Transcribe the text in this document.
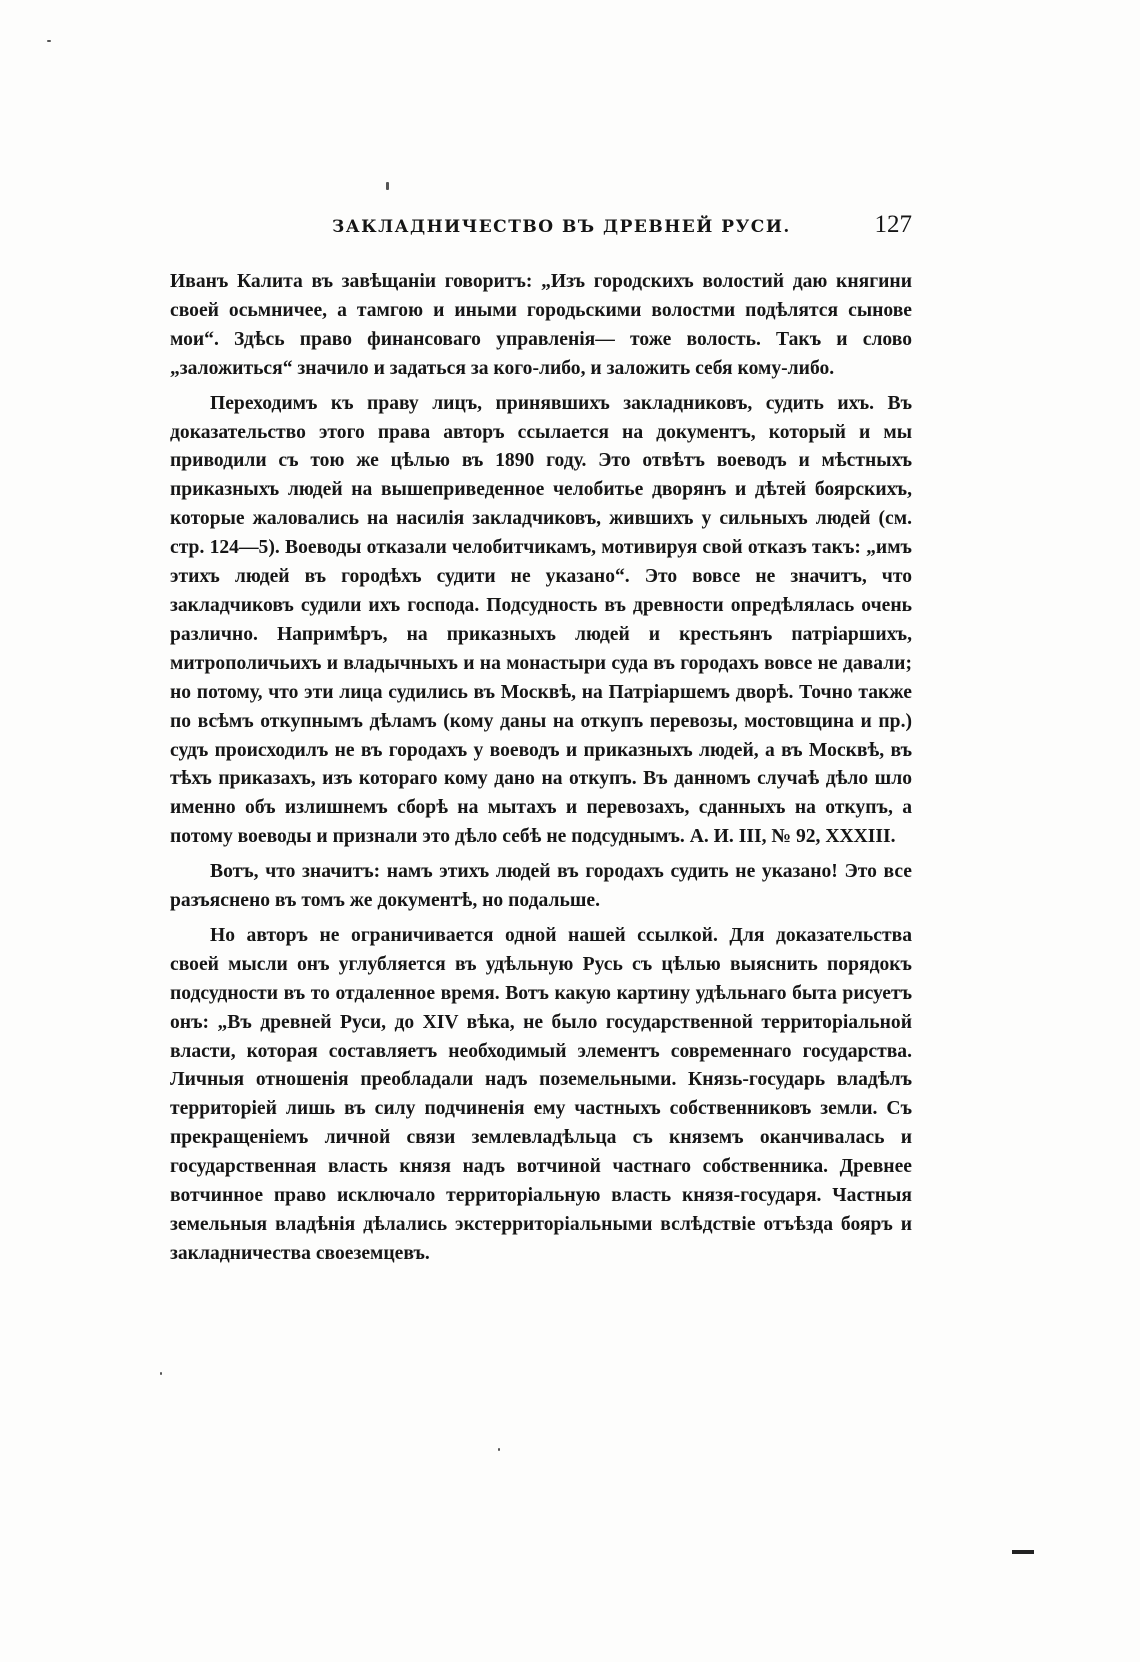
ЗАКЛАДНИЧЕСТВО ВЪ ДРЕВНЕЙ РУСИ.	127

Иванъ Калита въ завѣщаніи говоритъ: „Изъ городскихъ волостий даю княгини своей осьмничее, а тамгою и иными городьскими волостми подѣлятся сынове мои“. Здѣсь право финансоваго управленія— тоже волость. Такъ и слово „заложиться“ значило и задаться за кого-либо, и заложить себя кому-либо.

Переходимъ къ праву лицъ, принявшихъ закладниковъ, судить ихъ. Въ доказательство этого права авторъ ссылается на документъ, который и мы приводили съ тою же цѣлью въ 1890 году. Это отвѣтъ воеводъ и мѣстныхъ приказныхъ людей на вышеприведенное челобитье дворянъ и дѣтей боярскихъ, которые жаловались на насилія закладчиковъ, жившихъ у сильныхъ людей (см. стр. 124—5). Воеводы отказали челобитчикамъ, мотивируя свой отказъ такъ: „имъ этихъ людей въ городѣхъ судити не указано“. Это вовсе не значитъ, что закладчиковъ судили ихъ господа. Подсудность въ древности опредѣлялась очень различно. Напримѣръ, на приказныхъ людей и крестьянъ патріаршихъ, митрополичьихъ и владычныхъ и на монастыри суда въ городахъ вовсе не давали; но потому, что эти лица судились въ Москвѣ, на Патріаршемъ дворѣ. Точно также по всѣмъ откупнымъ дѣламъ (кому даны на откупъ перевозы, мостовщина и пр.) судъ происходилъ не въ городахъ у воеводъ и приказныхъ людей, а въ Москвѣ, въ тѣхъ приказахъ, изъ котораго кому дано на откупъ. Въ данномъ случаѣ дѣло шло именно объ излишнемъ сборѣ на мытахъ и перевозахъ, сданныхъ на откупъ, а потому воеводы и признали это дѣло себѣ не подсуднымъ. А. И. III, № 92, XXXIII.

Вотъ, что значитъ: намъ этихъ людей въ городахъ судить не указано! Это все разъяснено въ томъ же документѣ, но подальше.

Но авторъ не ограничивается одной нашей ссылкой. Для доказательства своей мысли онъ углубляется въ удѣльную Русь съ цѣлью выяснить порядокъ подсудности въ то отдаленное время. Вотъ какую картину удѣльнаго быта рисуетъ онъ: „Въ древней Руси, до XIV вѣка, не было государственной территоріальной власти, которая составляетъ необходимый элементъ современнаго государства. Личныя отношенія преобладали надъ поземельными. Князь-государь владѣлъ территоріей лишь въ силу подчиненія ему частныхъ собственниковъ земли. Съ прекращеніемъ личной связи землевладѣльца съ княземъ оканчивалась и государственная власть князя надъ вотчиной частнаго собственника. Древнее вотчинное право исключало территоріальную власть князя-государя. Частныя земельныя владѣнія дѣлались экстерриторіальными вслѣдствіе отъѣзда бояръ и закладничества своеземцевъ.
